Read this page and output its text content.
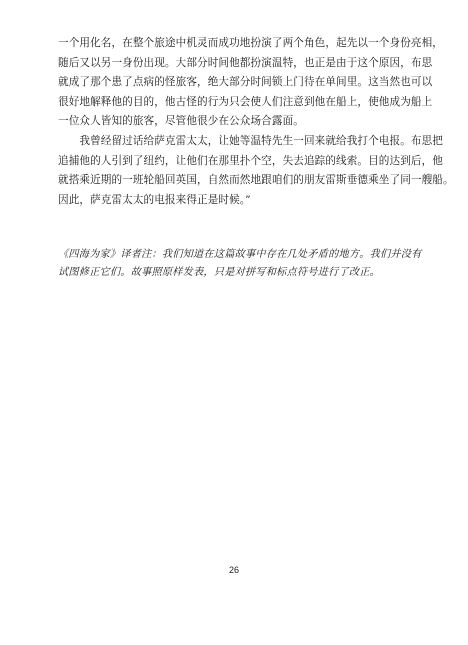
一个用化名，在整个旅途中机灵而成功地扮演了两个角色，起先以一个身份亮相，
随后又以另一身份出现。大部分时间他都扮演温特，也正是由于这个原因，布思
就成了那个患了点病的怪旅客，绝大部分时间锁上门待在单间里。这当然也可以
很好地解释他的目的，他古怪的行为只会使人们注意到他在船上，使他成为船上
一位众人皆知的旅客，尽管他很少在公众场合露面。
　　我曾经留过话给萨克雷太太，让她等温特先生一回来就给我打个电报。布思把
追捕他的人引到了纽约，让他们在那里扑个空，失去追踪的线索。目的达到后，他
就搭乘近期的一班轮船回英国，自然而然地跟咱们的朋友雷斯垂德乘坐了同一艘船。
因此，萨克雷太太的电报来得正是时候。”
《四海为家》译者注：我们知道在这篇故事中存在几处矛盾的地方。我们并没有
试图修正它们。故事照原样发表，只是对拼写和标点符号进行了改正。
26
